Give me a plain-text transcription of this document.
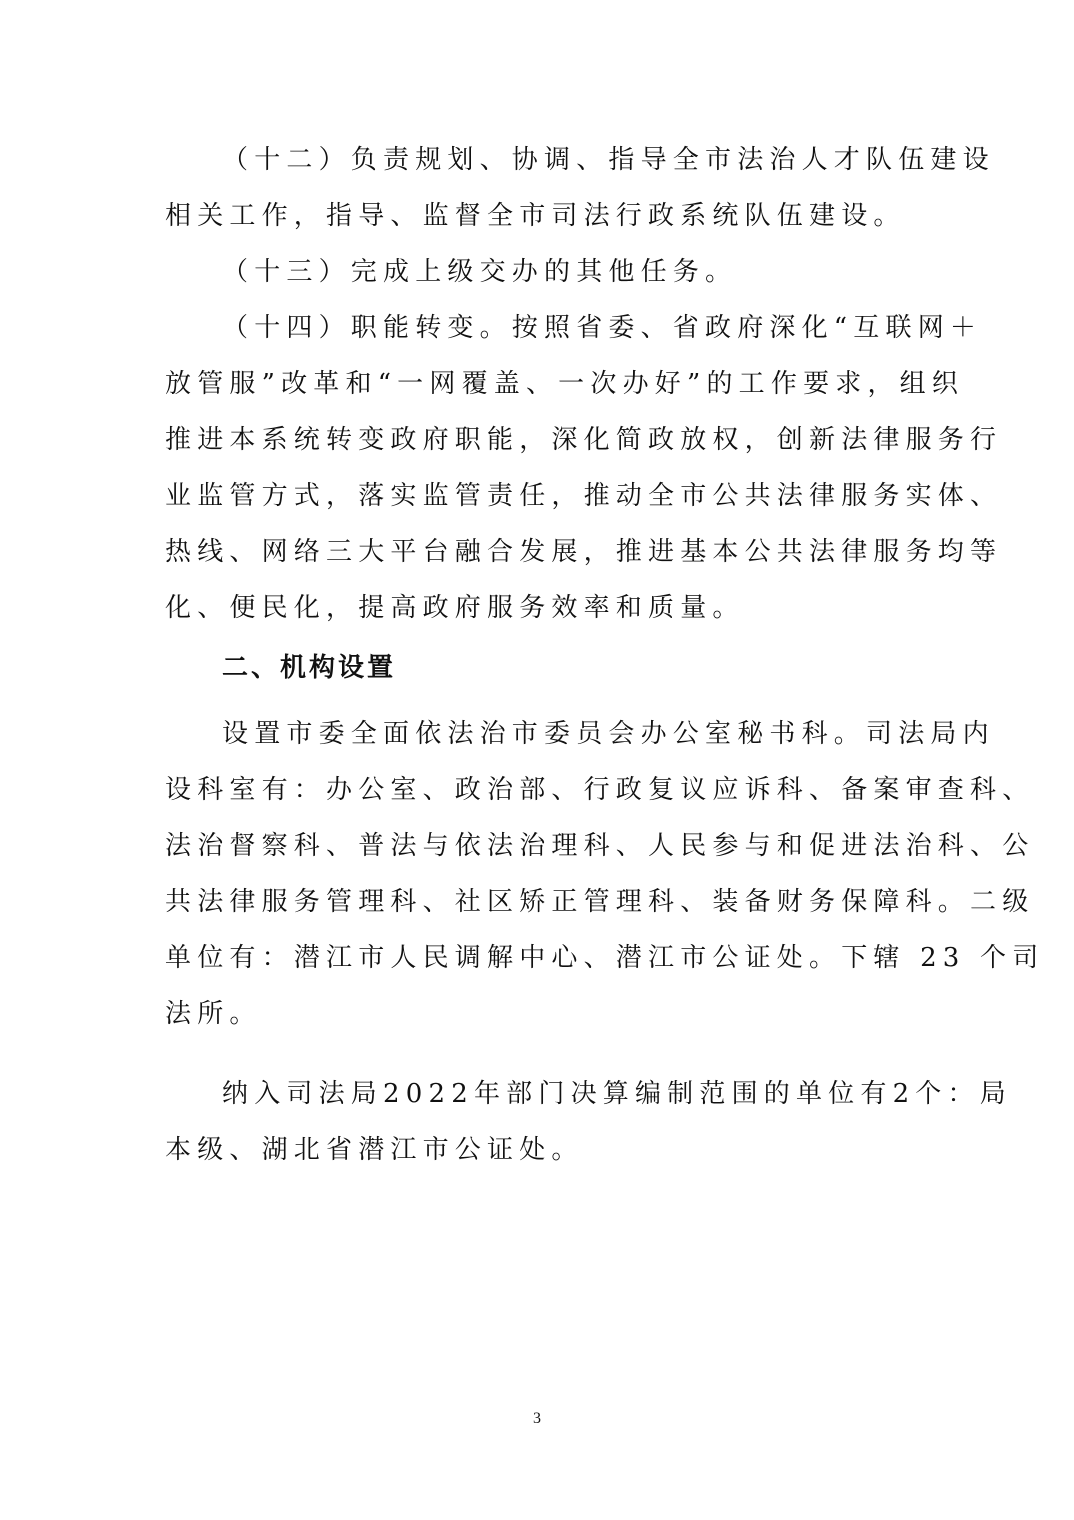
（十二）负责规划、协调、指导全市法治人才队伍建设
相关工作，指导、监督全市司法行政系统队伍建设。
（十三）完成上级交办的其他任务。
（十四）职能转变。按照省委、省政府深化“互联网＋
放管服”改革和“一网覆盖、一次办好”的工作要求，组织
推进本系统转变政府职能，深化简政放权，创新法律服务行
业监管方式，落实监管责任，推动全市公共法律服务实体、
热线、网络三大平台融合发展，推进基本公共法律服务均等
化、便民化，提高政府服务效率和质量。
二、机构设置
设置市委全面依法治市委员会办公室秘书科。司法局内
设科室有：办公室、政治部、行政复议应诉科、备案审查科、
法治督察科、普法与依法治理科、人民参与和促进法治科、公
共法律服务管理科、社区矫正管理科、装备财务保障科。二级
单位有：潜江市人民调解中心、潜江市公证处。下辖 23 个司
法所。
纳入司法局2022年部门决算编制范围的单位有2个：局
本级、湖北省潜江市公证处。
3
